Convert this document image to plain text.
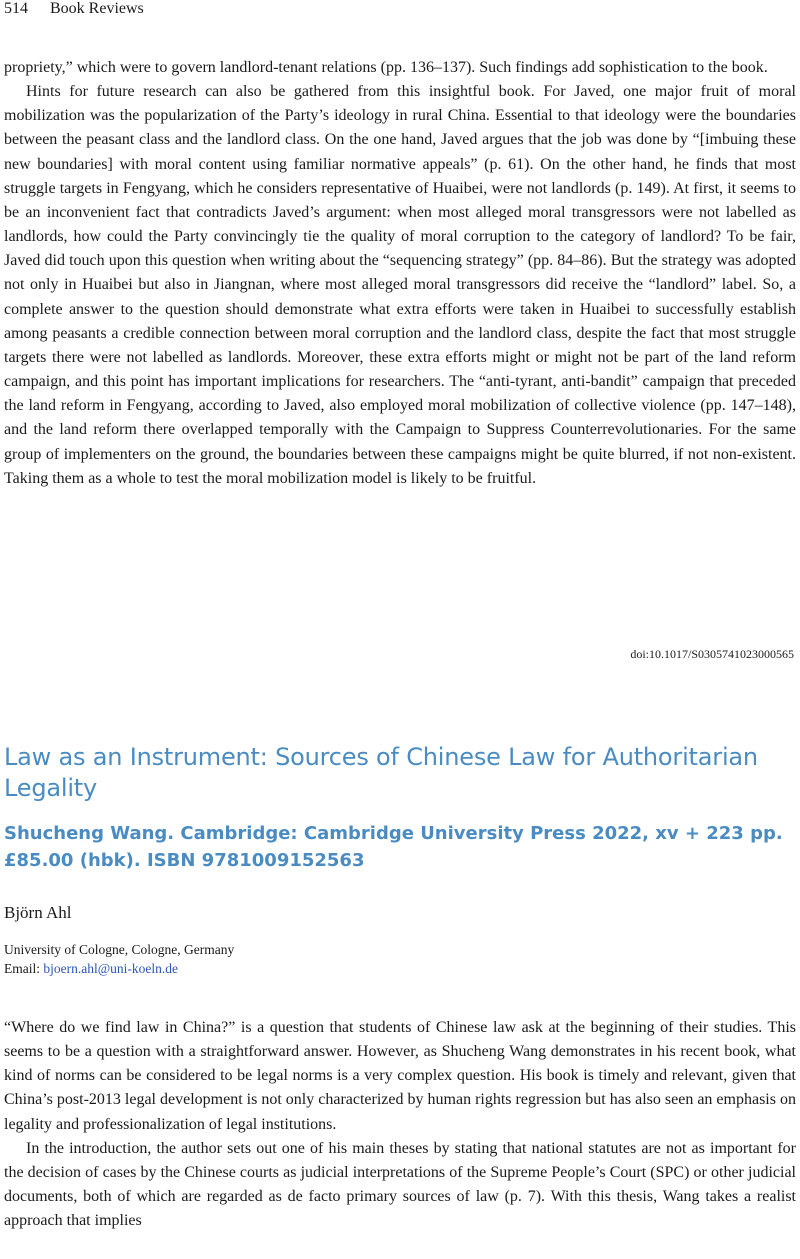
514 Book Reviews

propriety,” which were to govern landlord-tenant relations (pp. 136–137). Such findings add sophistication to the book.

Hints for future research can also be gathered from this insightful book. For Javed, one major fruit of moral mobilization was the popularization of the Party’s ideology in rural China. Essential to that ideology were the boundaries between the peasant class and the landlord class. On the one hand, Javed argues that the job was done by “[imbuing these new boundaries] with moral content using familiar normative appeals” (p. 61). On the other hand, he finds that most struggle targets in Fengyang, which he considers representative of Huaibei, were not landlords (p. 149). At first, it seems to be an inconvenient fact that contradicts Javed’s argument: when most alleged moral transgressors were not labelled as landlords, how could the Party convincingly tie the quality of moral corruption to the category of landlord? To be fair, Javed did touch upon this question when writing about the “sequencing strategy” (pp. 84–86). But the strategy was adopted not only in Huaibei but also in Jiangnan, where most alleged moral transgressors did receive the “landlord” label. So, a complete answer to the question should demonstrate what extra efforts were taken in Huaibei to successfully establish among peasants a credible connection between moral corruption and the landlord class, despite the fact that most struggle targets there were not labelled as landlords. Moreover, these extra efforts might or might not be part of the land reform campaign, and this point has important implications for researchers. The “anti-tyrant, anti-bandit” campaign that preceded the land reform in Fengyang, according to Javed, also employed moral mobilization of collective violence (pp. 147–148), and the land reform there overlapped temporally with the Campaign to Suppress Counterrevolutionaries. For the same group of implementers on the ground, the boundaries between these campaigns might be quite blurred, if not non-existent. Taking them as a whole to test the moral mobilization model is likely to be fruitful.

doi:10.1017/S0305741023000565
Law as an Instrument: Sources of Chinese Law for Authoritarian Legality
Shucheng Wang. Cambridge: Cambridge University Press 2022, xv + 223 pp. £85.00 (hbk). ISBN 9781009152563
Björn Ahl
University of Cologne, Cologne, Germany
Email: bjoern.ahl@uni-koeln.de

“Where do we find law in China?” is a question that students of Chinese law ask at the beginning of their studies. This seems to be a question with a straightforward answer. However, as Shucheng Wang demonstrates in his recent book, what kind of norms can be considered to be legal norms is a very complex question. His book is timely and relevant, given that China’s post-2013 legal development is not only characterized by human rights regression but has also seen an emphasis on legality and professionalization of legal institutions.

In the introduction, the author sets out one of his main theses by stating that national statutes are not as important for the decision of cases by the Chinese courts as judicial interpretations of the Supreme People’s Court (SPC) or other judicial documents, both of which are regarded as de facto primary sources of law (p. 7). With this thesis, Wang takes a realist approach that implies
